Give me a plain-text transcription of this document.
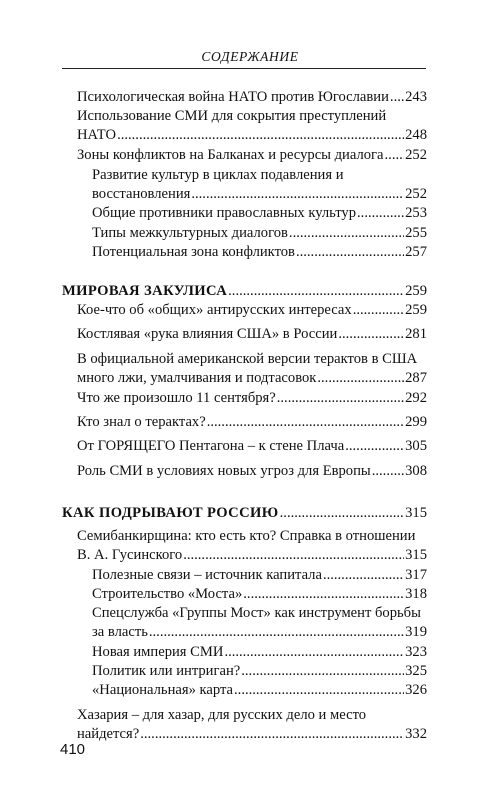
СОДЕРЖАНИЕ
Психологическая война НАТО против Югославии ..... 243
Использование СМИ для сокрытия преступлений
НАТО .....	248
Зоны конфликтов на Балканах и ресурсы диалога ..... 252
Развитие культур в циклах подавления и
восстановления .....	252
Общие противники православных культур .....	253
Типы межкультурных диалогов .....	255
Потенциальная зона конфликтов .....	257
МИРОВАЯ ЗАКУЛИСА .....	259
Кое-что об «общих» антирусских интересах .....	259
Костлявая «рука влияния США» в России .....	281
В официальной американской версии терактов в США
много лжи, умалчивания и подтасовок .....	287
Что же произошло 11 сентября? .....	292
Кто знал о терактах? .....	299
От ГОРЯЩЕГО Пентагона – к стене Плача .....	305
Роль СМИ в условиях новых угроз для Европы ..... 308
КАК ПОДРЫВАЮТ РОССИЮ .....	315
Семибанкирщина: кто есть кто? Справка в отношении
В. А. Гусинского .....	315
Полезные связи – источник капитала .....	317
Строительство «Моста» .....	318
Спецслужба «Группы Мост» как инструмент борьбы
за власть .....	319
Новая империя СМИ .....	323
Политик или интриган? .....	325
«Национальная» карта .....	326
Хазария – для хазар, для русских дело и место
найдется? .....	332
410
